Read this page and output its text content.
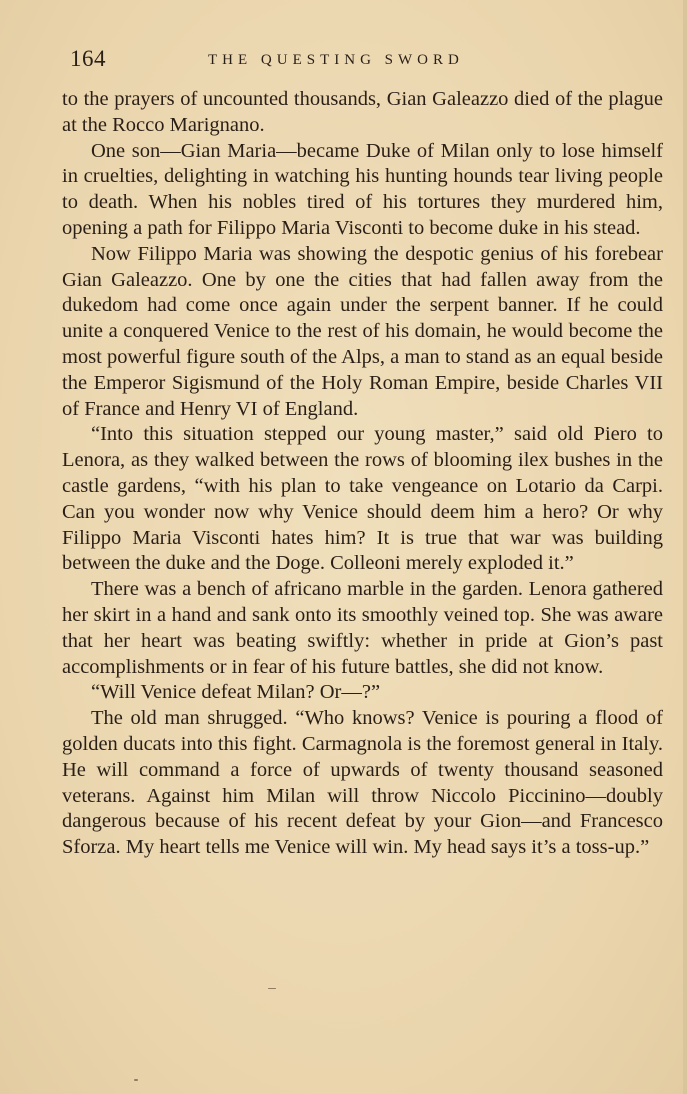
164	THE QUESTING SWORD

to the prayers of uncounted thousands, Gian Galeazzo died of the plague at the Rocco Marignano.

One son—Gian Maria—became Duke of Milan only to lose himself in cruelties, delighting in watching his hunting hounds tear living people to death. When his nobles tired of his tortures they murdered him, opening a path for Filippo Maria Visconti to become duke in his stead.

Now Filippo Maria was showing the despotic genius of his forebear Gian Galeazzo. One by one the cities that had fallen away from the dukedom had come once again under the serpent banner. If he could unite a conquered Venice to the rest of his domain, he would become the most powerful figure south of the Alps, a man to stand as an equal beside the Emperor Sigismund of the Holy Roman Empire, beside Charles VII of France and Henry VI of England.

“Into this situation stepped our young master,” said old Piero to Lenora, as they walked between the rows of blooming ilex bushes in the castle gardens, “with his plan to take vengeance on Lotario da Carpi. Can you wonder now why Venice should deem him a hero? Or why Filippo Maria Visconti hates him? It is true that war was building between the duke and the Doge. Colleoni merely exploded it.”

There was a bench of africano marble in the garden. Lenora gathered her skirt in a hand and sank onto its smoothly veined top. She was aware that her heart was beating swiftly: whether in pride at Gion’s past accomplishments or in fear of his future battles, she did not know.

“Will Venice defeat Milan? Or—?”

The old man shrugged. “Who knows? Venice is pouring a flood of golden ducats into this fight. Carmagnola is the foremost general in Italy. He will command a force of upwards of twenty thousand seasoned veterans. Against him Milan will throw Niccolo Piccinino—doubly dangerous because of his recent defeat by your Gion—and Francesco Sforza. My heart tells me Venice will win. My head says it’s a toss-up.”
